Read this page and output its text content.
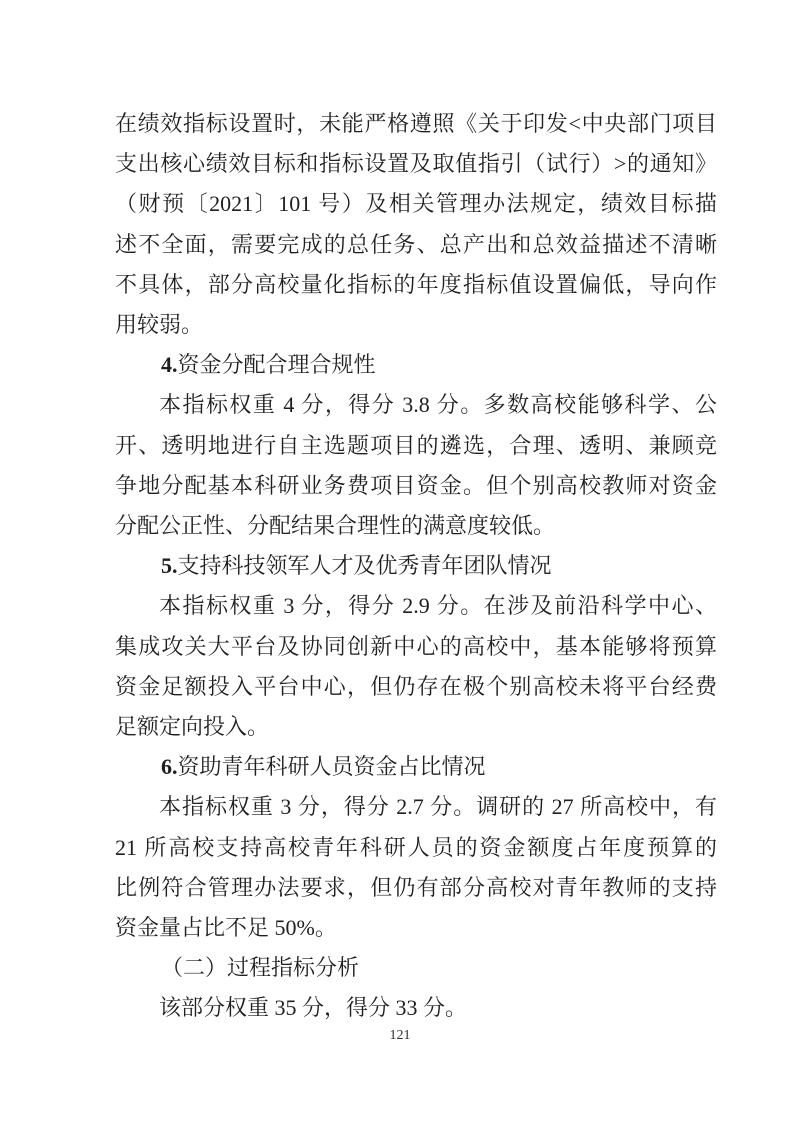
在绩效指标设置时，未能严格遵照《关于印发<中央部门项目
支出核心绩效目标和指标设置及取值指引（试行）>的通知》
（财预〔2021〕101 号）及相关管理办法规定，绩效目标描
述不全面，需要完成的总任务、总产出和总效益描述不清晰
不具体，部分高校量化指标的年度指标值设置偏低，导向作
用较弱。

4.资金分配合理合规性

本指标权重 4 分，得分 3.8 分。多数高校能够科学、公
开、透明地进行自主选题项目的遴选，合理、透明、兼顾竞
争地分配基本科研业务费项目资金。但个别高校教师对资金
分配公正性、分配结果合理性的满意度较低。

5.支持科技领军人才及优秀青年团队情况

本指标权重 3 分，得分 2.9 分。在涉及前沿科学中心、
集成攻关大平台及协同创新中心的高校中，基本能够将预算
资金足额投入平台中心，但仍存在极个别高校未将平台经费
足额定向投入。

6.资助青年科研人员资金占比情况

本指标权重 3 分，得分 2.7 分。调研的 27 所高校中，有
21 所高校支持高校青年科研人员的资金额度占年度预算的
比例符合管理办法要求，但仍有部分高校对青年教师的支持
资金量占比不足 50%。

（二）过程指标分析

该部分权重 35 分，得分 33 分。
121
